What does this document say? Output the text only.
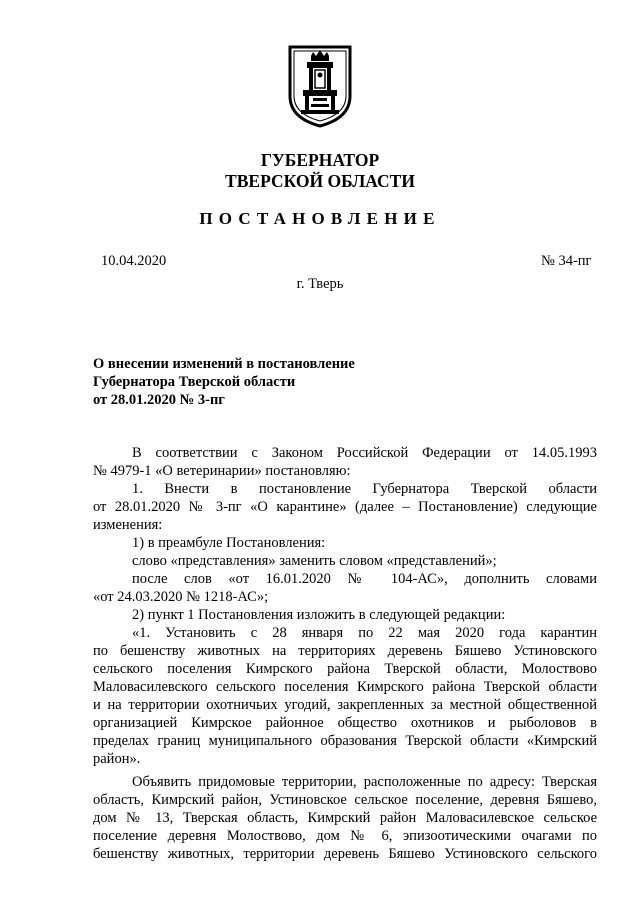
ГУБЕРНАТОР
ТВЕРСКОЙ ОБЛАСТИ
ПОСТАНОВЛЕНИЕ
10.04.2020	№ 34-пг
г. Тверь
О внесении изменений в постановление
Губернатора Тверской области
от 28.01.2020 № 3-пг

В соответствии с Законом Российской Федерации от 14.05.1993
№ 4979-1 «О ветеринарии» постановляю:

1. Внести в постановление Губернатора Тверской области
от 28.01.2020 № 3-пг «О карантине» (далее – Постановление) следующие
изменения:

1) в преамбуле Постановления:

слово «представления» заменить словом «представлений»;

после слов «от 16.01.2020 № 104-АС», дополнить словами
«от 24.03.2020 № 1218-АС»;

2) пункт 1 Постановления изложить в следующей редакции:

«1. Установить с 28 января по 22 мая 2020 года карантин
по бешенству животных на территориях деревень Бяшево Устиновского
сельского поселения Кимрского района Тверской области, Молоствово
Маловасилевского сельского поселения Кимрского района Тверской области
и на территории охотничьих угодий, закрепленных за местной общественной
организацией Кимрское районное общество охотников и рыболовов в
пределах границ муниципального образования Тверской области «Кимрский
район».

Объявить придомовые территории, расположенные по адресу: Тверская
область, Кимрский район, Устиновское сельское поселение, деревня Бяшево,
дом № 13, Тверская область, Кимрский район Маловасилевское сельское
поселение деревня Молоствово, дом № 6, эпизоотическими очагами по
бешенству животных, территории деревень Бяшево Устиновского сельского
